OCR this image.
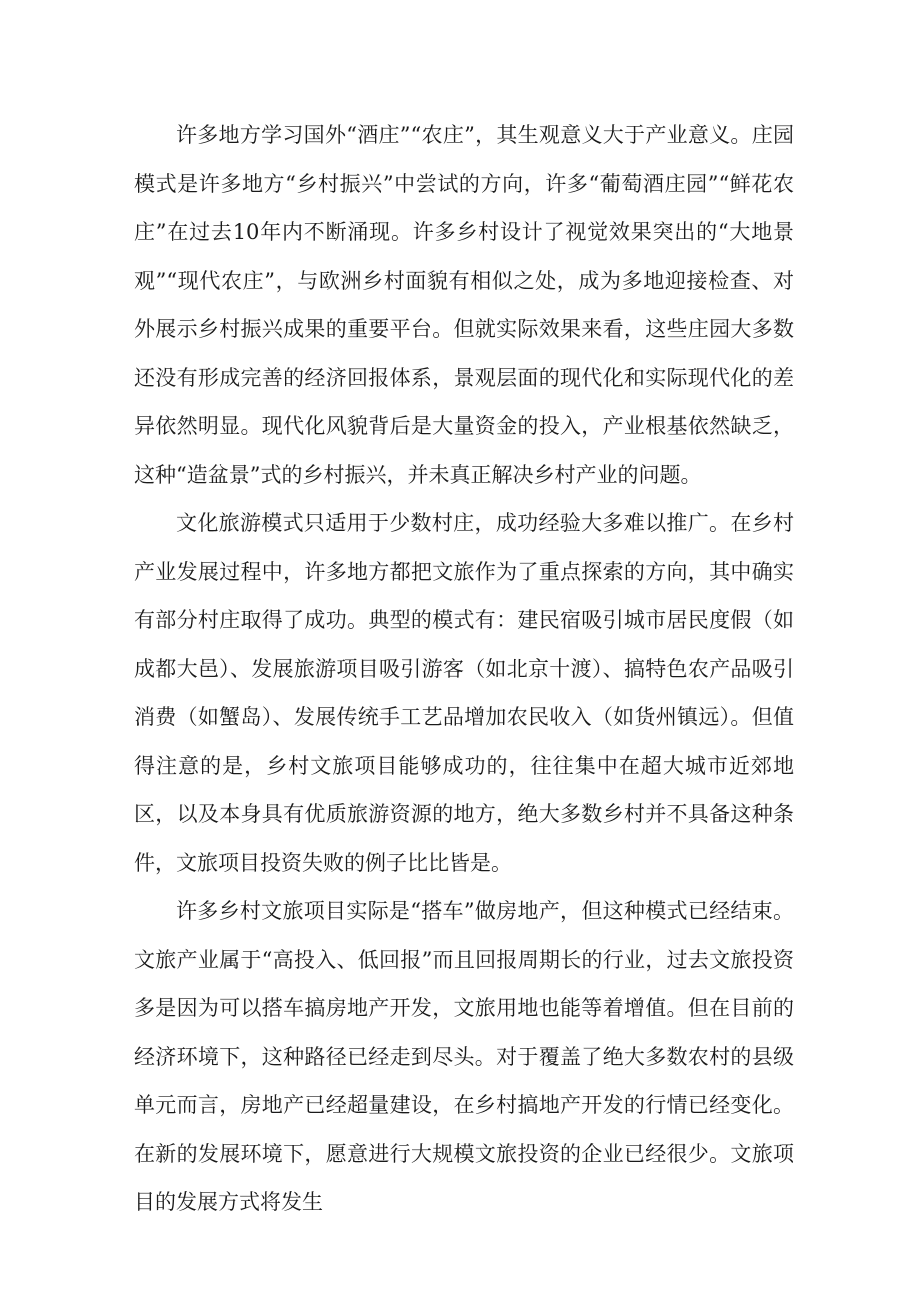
许多地方学习国外“酒庄”“农庄”，其生观意义大于产业意义。庄园模式是许多地方“乡村振兴”中尝试的方向，许多“葡萄酒庄园”“鲜花农庄”在过去10年内不断涌现。许多乡村设计了视觉效果突出的“大地景观”“现代农庄”，与欧洲乡村面貌有相似之处，成为多地迎接检查、对外展示乡村振兴成果的重要平台。但就实际效果来看，这些庄园大多数还没有形成完善的经济回报体系，景观层面的现代化和实际现代化的差异依然明显。现代化风貌背后是大量资金的投入，产业根基依然缺乏，这种“造盆景”式的乡村振兴，并未真正解决乡村产业的问题。

文化旅游模式只适用于少数村庄，成功经验大多难以推广。在乡村产业发展过程中，许多地方都把文旅作为了重点探索的方向，其中确实有部分村庄取得了成功。典型的模式有：建民宿吸引城市居民度假（如成都大邑）、发展旅游项目吸引游客（如北京十渡）、搞特色农产品吸引消费（如蟹岛）、发展传统手工艺品增加农民收入（如货州镇远）。但值得注意的是，乡村文旅项目能够成功的，往往集中在超大城市近郊地区，以及本身具有优质旅游资源的地方，绝大多数乡村并不具备这种条件，文旅项目投资失败的例子比比皆是。

许多乡村文旅项目实际是“搭车”做房地产，但这种模式已经结束。文旅产业属于“高投入、低回报”而且回报周期长的行业，过去文旅投资多是因为可以搭车搞房地产开发，文旅用地也能等着增值。但在目前的经济环境下，这种路径已经走到尽头。对于覆盖了绝大多数农村的县级单元而言，房地产已经超量建设，在乡村搞地产开发的行情已经变化。在新的发展环境下，愿意进行大规模文旅投资的企业已经很少。文旅项目的发展方式将发生
